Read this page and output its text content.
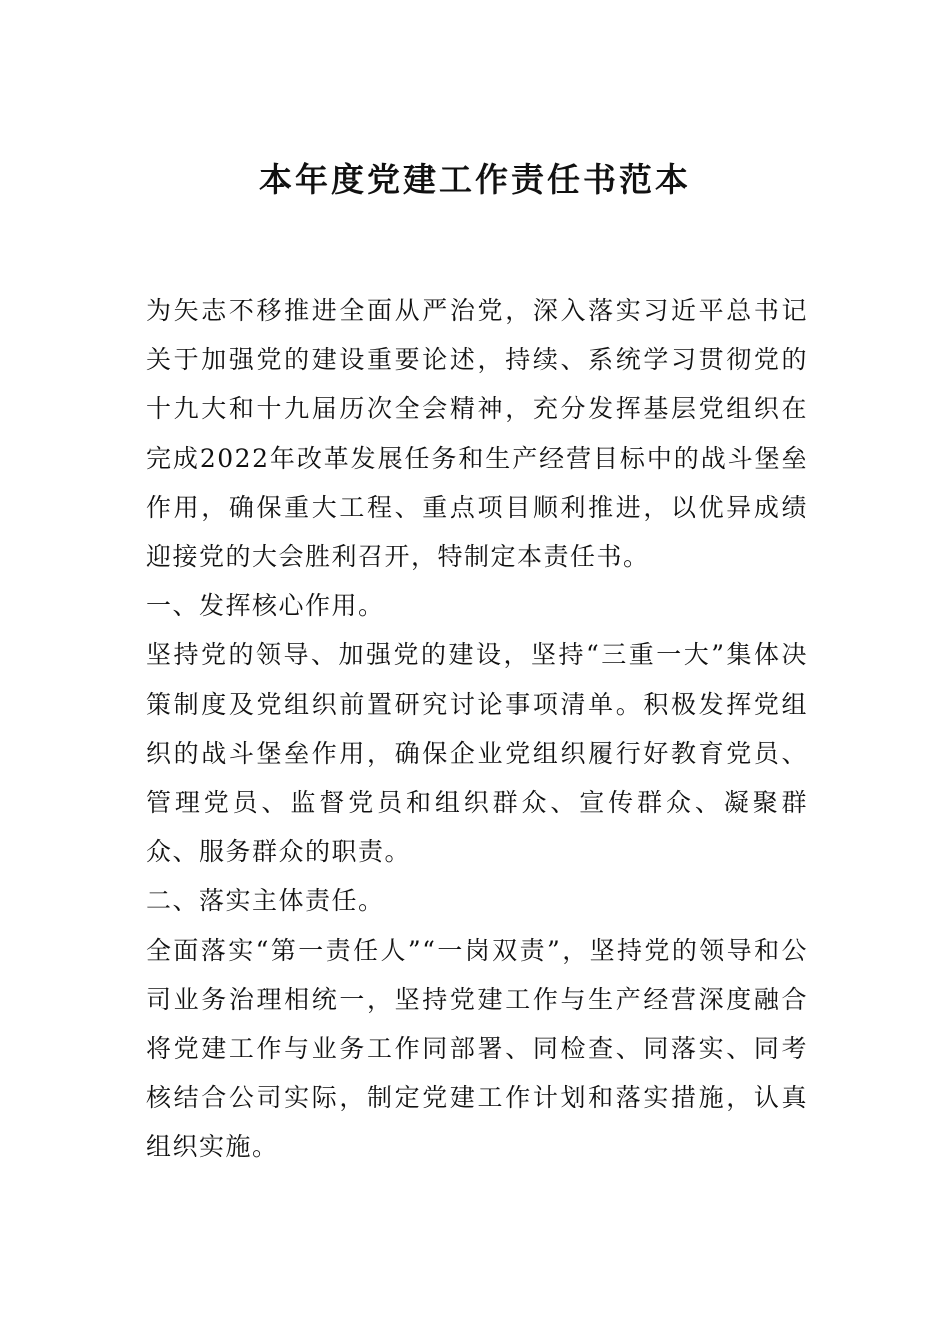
本年度党建工作责任书范本

为矢志不移推进全面从严治党，深入落实习近平总书记关于加强党的建设重要论述，持续、系统学习贯彻党的十九大和十九届历次全会精神，充分发挥基层党组织在完成2022年改革发展任务和生产经营目标中的战斗堡垒作用，确保重大工程、重点项目顺利推进，以优异成绩迎接党的大会胜利召开，特制定本责任书。

一、发挥核心作用。

坚持党的领导、加强党的建设，坚持“三重一大”集体决策制度及党组织前置研究讨论事项清单。积极发挥党组织的战斗堡垒作用，确保企业党组织履行好教育党员、管理党员、监督党员和组织群众、宣传群众、凝聚群众、服务群众的职责。

二、落实主体责任。

全面落实“第一责任人”“一岗双责”，坚持党的领导和公司业务治理相统一，坚持党建工作与生产经营深度融合将党建工作与业务工作同部署、同检查、同落实、同考核结合公司实际，制定党建工作计划和落实措施，认真组织实施。
